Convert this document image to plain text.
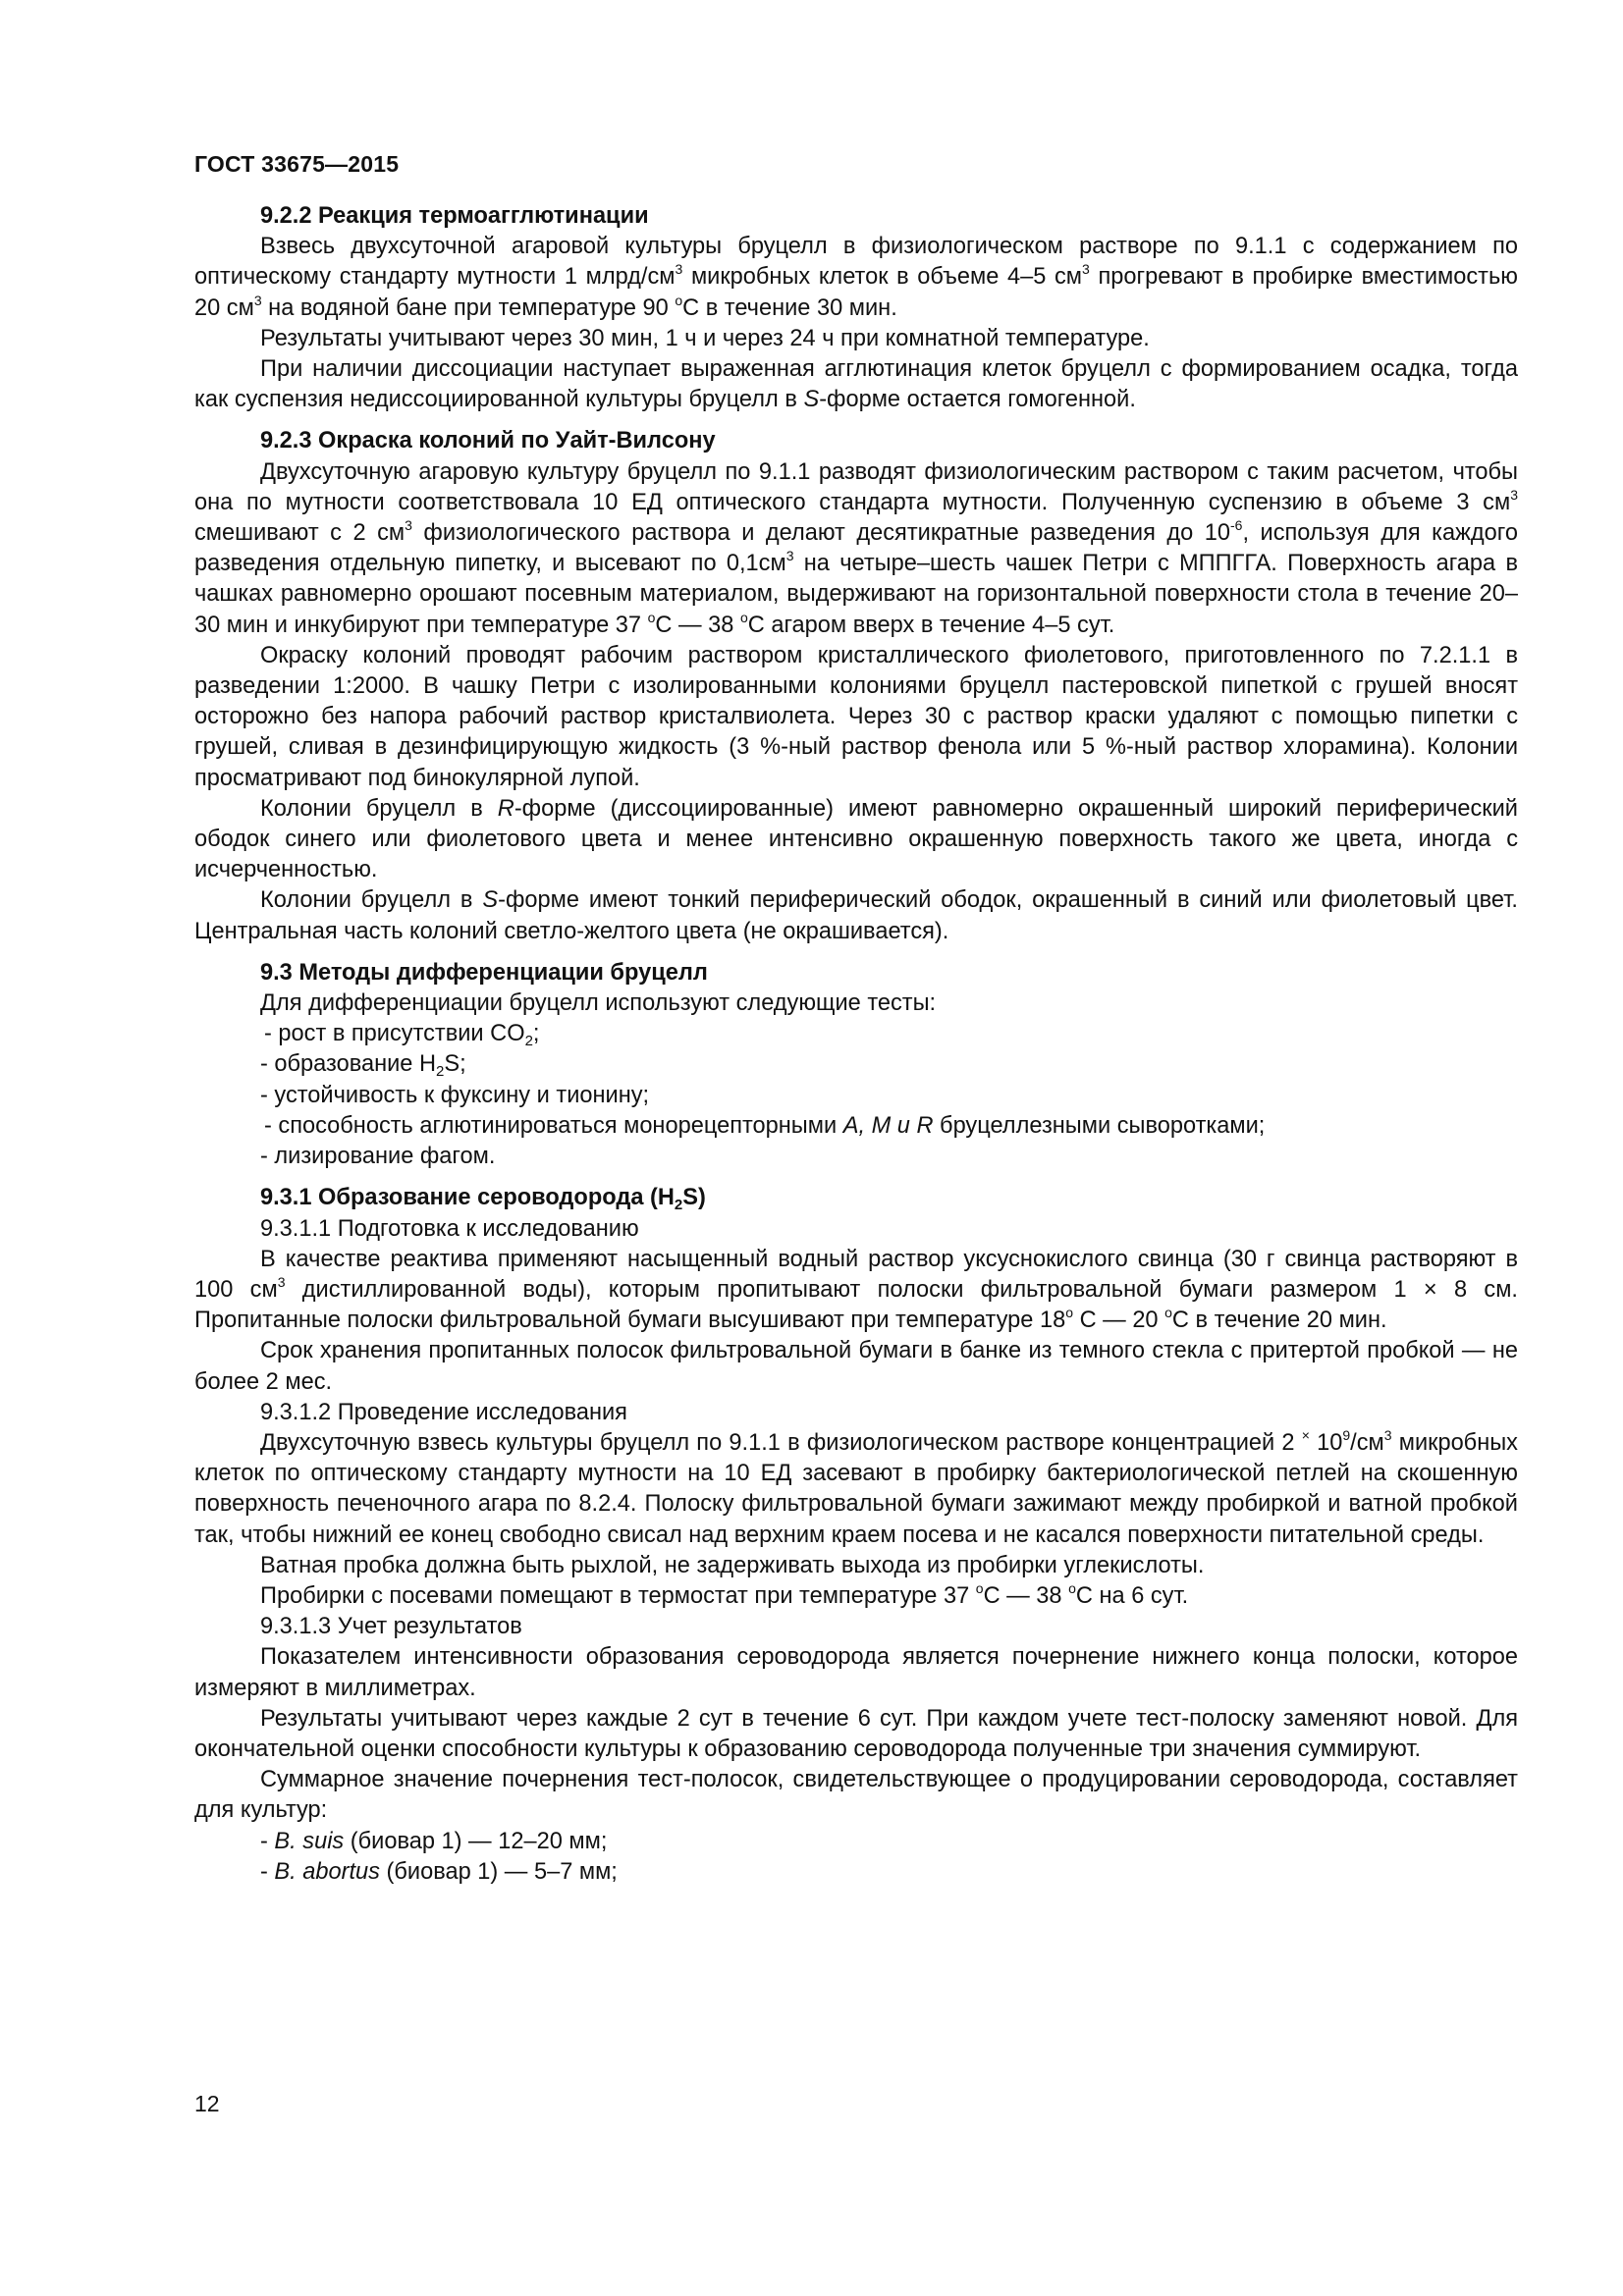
ГОСТ 33675—2015

9.2.2 Реакция термоагглютинации

Взвесь двухсуточной агаровой культуры бруцелл в физиологическом растворе по 9.1.1 с содержанием по оптическому стандарту мутности 1 млрд/$см^3$ микробных клеток в объеме 4–5 $см^3$ прогревают в пробирке вместимостью 20 $см^3$ на водяной бане при температуре 90 $^о$С в течение 30 мин.

Результаты учитывают через 30 мин, 1 ч и через 24 ч при комнатной температуре.

При наличии диссоциации наступает выраженная агглютинация клеток бруцелл с формированием осадка, тогда как суспензия недиссоциированной культуры бруцелл в S-форме остается гомогенной.

9.2.3 Окраска колоний по Уайт-Вилсону

Двухсуточную агаровую культуру бруцелл по 9.1.1 разводят физиологическим раствором с таким расчетом, чтобы она по мутности соответствовала 10 ЕД оптического стандарта мутности. Полученную суспензию в объеме 3 $см^3$ смешивают с 2 $см^3$ физиологического раствора и делают десятикратные разведения до $10^{-6}$, используя для каждого разведения отдельную пипетку, и высевают по $0,1см^3$ на четыре–шесть чашек Петри с МППГГА. Поверхность агара в чашках равномерно орошают посевным материалом, выдерживают на горизонтальной поверхности стола в течение 20–30 мин и инкубируют при температуре 37 $^о$С — 38 $^о$С агаром вверх в течение 4–5 сут.

Окраску колоний проводят рабочим раствором кристаллического фиолетового, приготовленного по 7.2.1.1 в разведении 1:2000. В чашку Петри с изолированными колониями бруцелл пастеровской пипеткой с грушей вносят осторожно без напора рабочий раствор кристалвиолета. Через 30 с раствор краски удаляют с помощью пипетки с грушей, сливая в дезинфицирующую жидкость (3 %-ный раствор фенола или 5 %-ный раствор хлорамина). Колонии просматривают под бинокулярной лупой.

Колонии бруцелл в R-форме (диссоциированные) имеют равномерно окрашенный широкий периферический ободок синего или фиолетового цвета и менее интенсивно окрашенную поверхность такого же цвета, иногда с исчерченностью.

Колонии бруцелл в S-форме имеют тонкий периферический ободок, окрашенный в синий или фиолетовый цвет. Центральная часть колоний светло-желтого цвета (не окрашивается).

9.3 Методы дифференциации бруцелл

Для дифференциации бруцелл используют следующие тесты:

- рост в присутствии $CO_2$;
- образование $H_2S$;
- устойчивость к фуксину и тионину;
- способность аглютинироваться монорецепторными A, M и R бруцеллезными сыворотками;
- лизирование фагом.

9.3.1 Образование сероводорода $(H_2S)$

9.3.1.1 Подготовка к исследованию

В качестве реактива применяют насыщенный водный раствор уксуснокислого свинца (30 г свинца растворяют в 100 $см^3$ дистиллированной воды), которым пропитывают полоски фильтровальной бумаги размером 1 × 8 см. Пропитанные полоски фильтровальной бумаги высушивают при температуре $18^о$ С — 20 $^о$С в течение 20 мин.

Срок хранения пропитанных полосок фильтровальной бумаги в банке из темного стекла с притертой пробкой — не более 2 мес.

9.3.1.2 Проведение исследования

Двухсуточную взвесь культуры бруцелл по 9.1.1 в физиологическом растворе концентрацией 2 × $10^9/см^3$ микробных клеток по оптическому стандарту мутности на 10 ЕД засевают в пробирку бактериологической петлей на скошенную поверхность печеночного агара по 8.2.4. Полоску фильтровальной бумаги зажимают между пробиркой и ватной пробкой так, чтобы нижний ее конец свободно свисал над верхним краем посева и не касался поверхности питательной среды.

Ватная пробка должна быть рыхлой, не задерживать выхода из пробирки углекислоты.

Пробирки с посевами помещают в термостат при температуре 37 $^о$С — 38 $^о$С на 6 сут.

9.3.1.3 Учет результатов

Показателем интенсивности образования сероводорода является почернение нижнего конца полоски, которое измеряют в миллиметрах.

Результаты учитывают через каждые 2 сут в течение 6 сут. При каждом учете тест-полоску заменяют новой. Для окончательной оценки способности культуры к образованию сероводорода полученные три значения суммируют.

Суммарное значение почернения тест-полосок, свидетельствующее о продуцировании сероводорода, составляет для культур:

- B. suis (биовар 1) — 12–20 мм;
- B. abortus (биовар 1) — 5–7 мм;
12
